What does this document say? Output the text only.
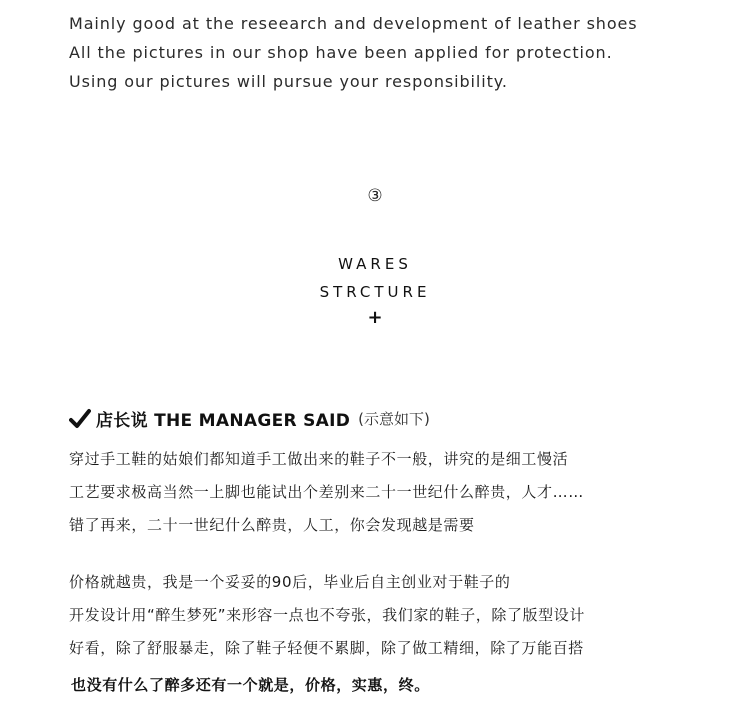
Mainly good at the reseearch and development of leather shoes
All the pictures in our shop have been applied for protection.
Using our pictures will pursue your responsibility.
③
WARES
STRCTURE
+
店长说 THE MANAGER SAID (示意如下)
穿过手工鞋的姑娘们都知道手工做出来的鞋子不一般，讲究的是细工慢活
工艺要求极高当然一上脚也能试出个差别来二十一世纪什么醉贵，人才……
错了再来，二十一世纪什么醉贵，人工，你会发现越是需要
价格就越贵，我是一个妥妥的90后，毕业后自主创业对于鞋子的
开发设计用“醉生梦死”来形容一点也不夸张，我们家的鞋子，除了版型设计
好看，除了舒服暴走，除了鞋子轻便不累脚，除了做工精细，除了万能百搭
也没有什么了醉多还有一个就是，价格，实惠，终。
